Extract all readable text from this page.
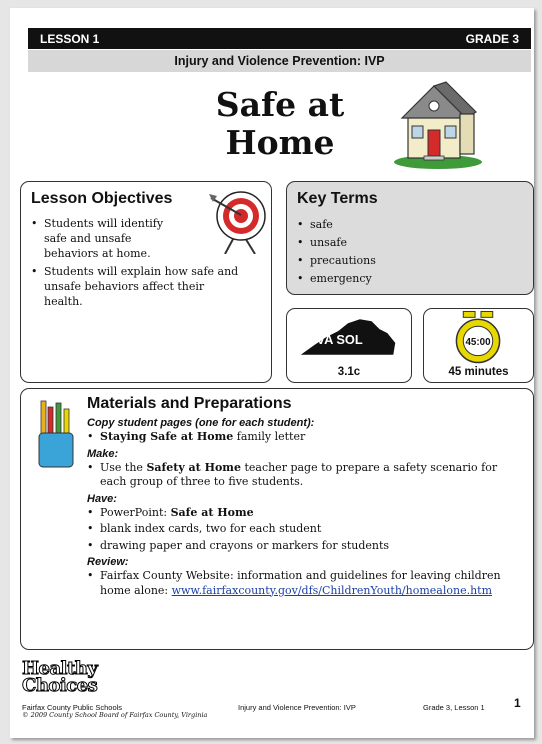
LESSON 1	GRADE 3
Injury and Violence Prevention: IVP
Safe at
Home
Lesson Objectives
• Students will identify safe and unsafe behaviors at home.
• Students will explain how safe and unsafe behaviors affect their health.
Key Terms
• safe
• unsafe
• precautions
• emergency
VA SOL
3.1c
45:00
45 minutes
Materials and Preparations
Copy student pages (one for each student):
• Staying Safe at Home family letter
Make:
• Use the Safety at Home teacher page to prepare a safety scenario for each group of three to five students.
Have:
• PowerPoint: Safe at Home
• blank index cards, two for each student
• drawing paper and crayons or markers for students
Review:
• Fairfax County Website: information and guidelines for leaving children home alone: www.fairfaxcounty.gov/dfs/ChildrenYouth/homealone.htm
Healthy
Choices
Fairfax County Public Schools
© 2009 County School Board of Fairfax County, Virginia
Injury and Violence Prevention: IVP	Grade 3, Lesson 1 1
